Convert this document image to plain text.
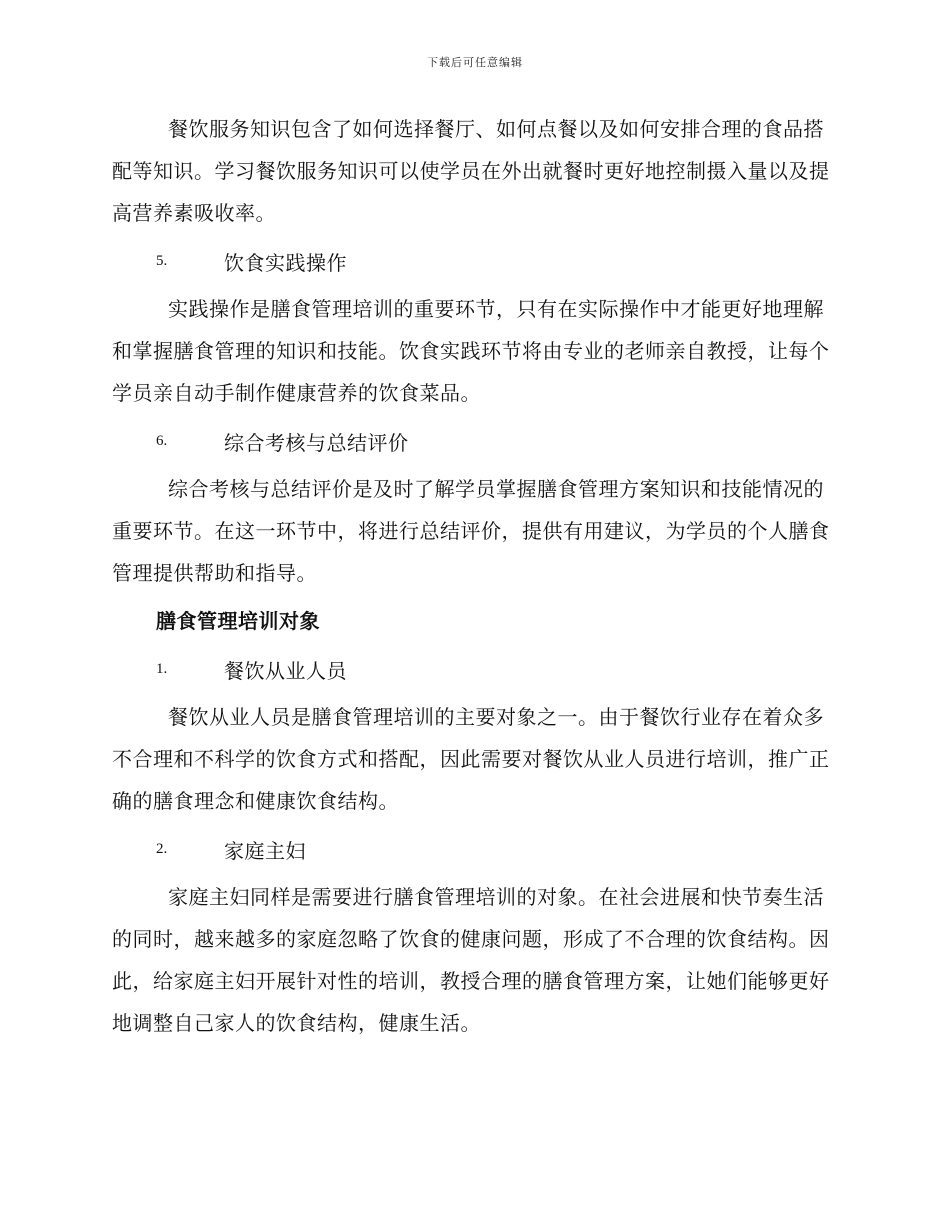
下载后可任意编辑

餐饮服务知识包含了如何选择餐厅、如何点餐以及如何安排合理的食品搭配等知识。学习餐饮服务知识可以使学员在外出就餐时更好地控制摄入量以及提高营养素吸收率。

5.	饮食实践操作

实践操作是膳食管理培训的重要环节，只有在实际操作中才能更好地理解和掌握膳食管理的知识和技能。饮食实践环节将由专业的老师亲自教授，让每个学员亲自动手制作健康营养的饮食菜品。

6.	综合考核与总结评价

综合考核与总结评价是及时了解学员掌握膳食管理方案知识和技能情况的重要环节。在这一环节中，将进行总结评价，提供有用建议，为学员的个人膳食管理提供帮助和指导。

膳食管理培训对象
1.	餐饮从业人员

餐饮从业人员是膳食管理培训的主要对象之一。由于餐饮行业存在着众多不合理和不科学的饮食方式和搭配，因此需要对餐饮从业人员进行培训，推广正确的膳食理念和健康饮食结构。

2.	家庭主妇

家庭主妇同样是需要进行膳食管理培训的对象。在社会进展和快节奏生活的同时，越来越多的家庭忽略了饮食的健康问题，形成了不合理的饮食结构。因此，给家庭主妇开展针对性的培训，教授合理的膳食管理方案，让她们能够更好地调整自己家人的饮食结构，健康生活。
